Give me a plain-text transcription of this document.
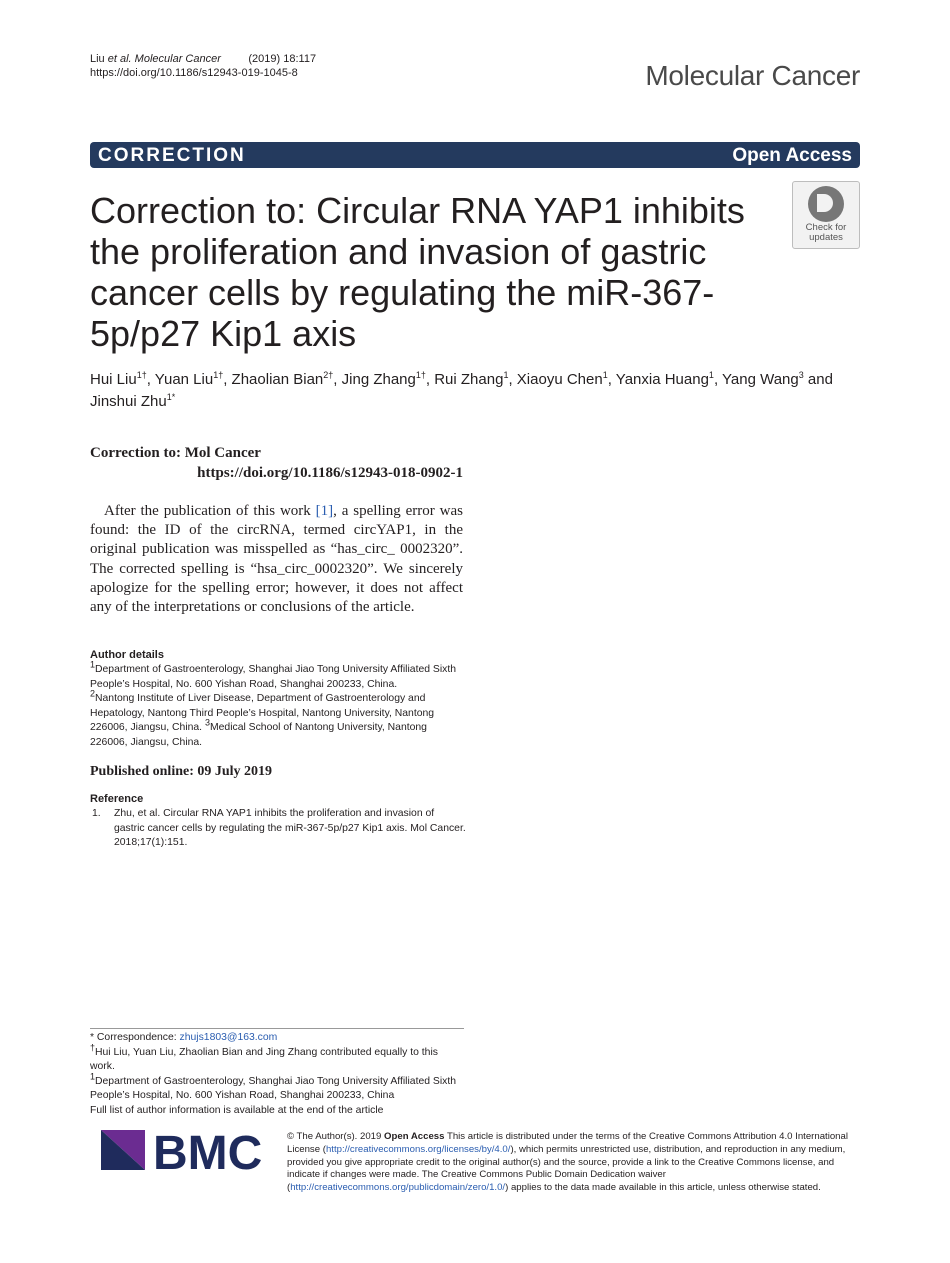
Liu et al. Molecular Cancer	(2019) 18:117
https://doi.org/10.1186/s12943-019-1045-8	Molecular Cancer
CORRECTION	Open Access
Correction to: Circular RNA YAP1 inhibits the proliferation and invasion of gastric cancer cells by regulating the miR-367-5p/p27 Kip1 axis
Check for
updates
Hui Liu$^{1\dagger}$, Yuan Liu$^{1\dagger}$, Zhaolian Bian$^{2\dagger}$, Jing Zhang$^{1\dagger}$, Rui Zhang$^1$, Xiaoyu Chen$^1$, Yanxia Huang$^1$, Yang Wang$^3$ and
Jinshui Zhu$^{1*}$
Correction to: Mol Cancer
https://doi.org/10.1186/s12943-018-0902-1
After the publication of this work [1], a spelling error was found: the ID of the circRNA, termed circYAP1, in the original publication was misspelled as “has_circ_ 0002320”. The corrected spelling is “hsa_circ_0002320”. We sincerely apologize for the spelling error; however, it does not affect any of the interpretations or conclusions of the article.
Author details
$^1$Department of Gastroenterology, Shanghai Jiao Tong University Affiliated Sixth People’s Hospital, No. 600 Yishan Road, Shanghai 200233, China.
$^2$Nantong Institute of Liver Disease, Department of Gastroenterology and Hepatology, Nantong Third People’s Hospital, Nantong University, Nantong 226006, Jiangsu, China. $^3$Medical School of Nantong University, Nantong 226006, Jiangsu, China.
Published online: 09 July 2019
Reference
1. Zhu, et al. Circular RNA YAP1 inhibits the proliferation and invasion of gastric cancer cells by regulating the miR-367-5p/p27 Kip1 axis. Mol Cancer. 2018;17(1):151.
* Correspondence: zhujs1803@163.com
†Hui Liu, Yuan Liu, Zhaolian Bian and Jing Zhang contributed equally to this work.
$^1$Department of Gastroenterology, Shanghai Jiao Tong University Affiliated Sixth People’s Hospital, No. 600 Yishan Road, Shanghai 200233, China
Full list of author information is available at the end of the article
BMC	© The Author(s). 2019 Open Access This article is distributed under the terms of the Creative Commons Attribution 4.0 International License (http://creativecommons.org/licenses/by/4.0/), which permits unrestricted use, distribution, and reproduction in any medium, provided you give appropriate credit to the original author(s) and the source, provide a link to the Creative Commons license, and indicate if changes were made. The Creative Commons Public Domain Dedication waiver (http://creativecommons.org/publicdomain/zero/1.0/) applies to the data made available in this article, unless otherwise stated.
